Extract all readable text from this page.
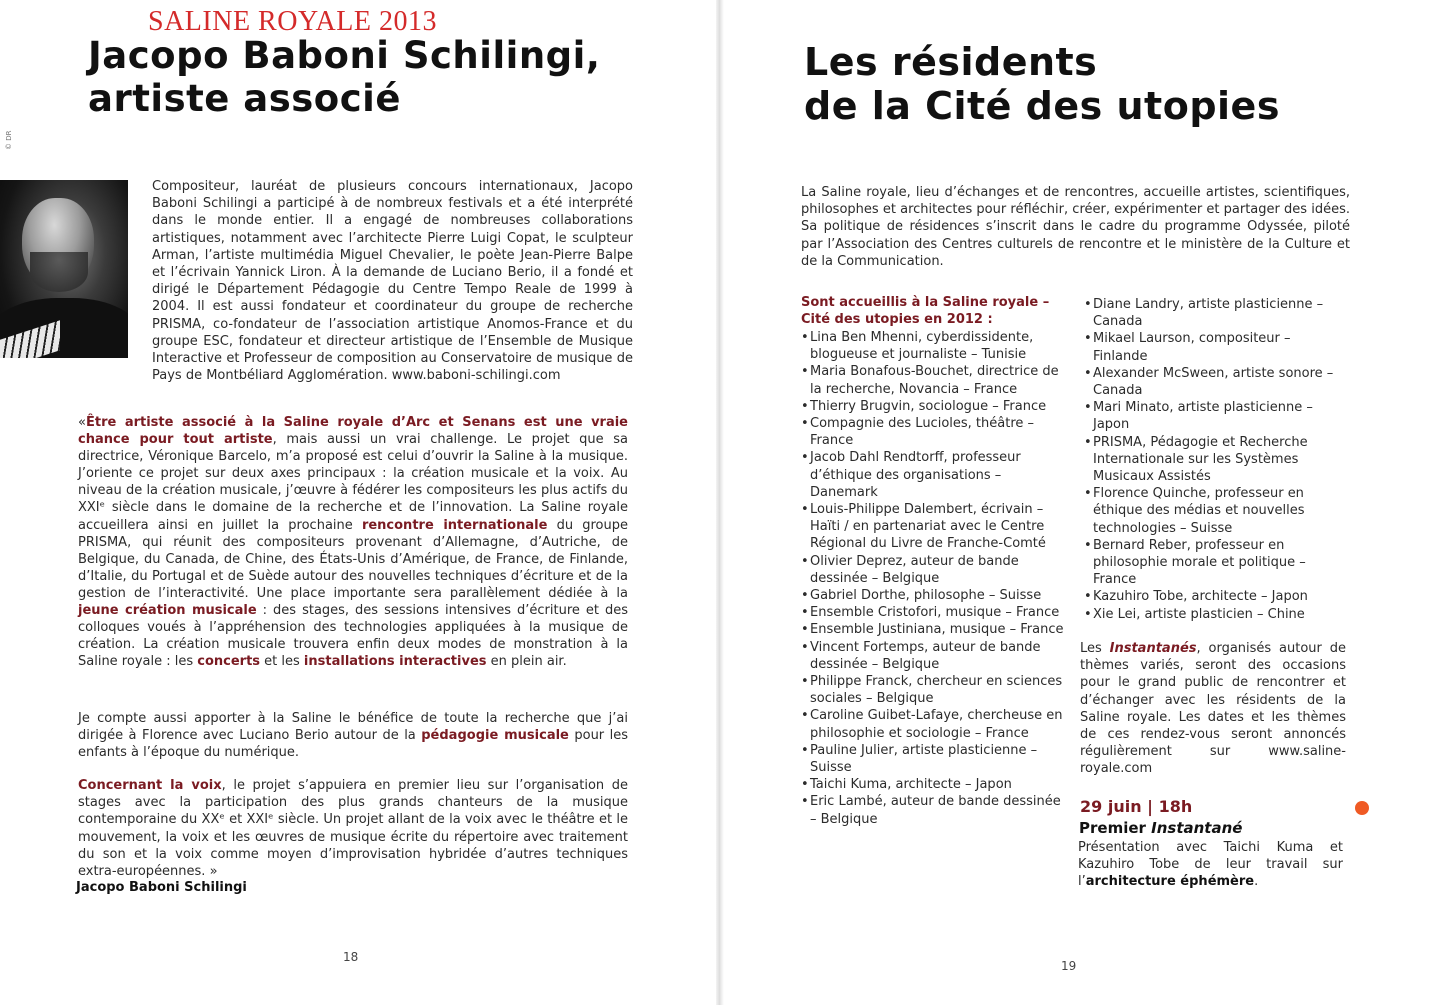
SALINE ROYALE 2013
Jacopo Baboni Schilingi,
artiste associé
© DR

Compositeur, lauréat de plusieurs concours internationaux, Jacopo Baboni Schilingi a participé à de nombreux festivals et a été interprété dans le monde entier. Il a engagé de nombreuses collaborations artistiques, notamment avec l’architecte Pierre Luigi Copat, le sculpteur Arman, l’artiste multimédia Miguel Chevalier, le poète Jean-Pierre Balpe et l’écrivain Yannick Liron. À la demande de Luciano Berio, il a fondé et dirigé le Département Pédagogie du Centre Tempo Reale de 1999 à 2004. Il est aussi fondateur et coordinateur du groupe de recherche PRISMA, co-fondateur de l’association artistique Anomos-France et du groupe ESC, fondateur et directeur artistique de l’Ensemble de Musique Interactive et Professeur de composition au Conservatoire de musique de Pays de Montbéliard Agglomération. www.baboni-schilingi.com

«Être artiste associé à la Saline royale d’Arc et Senans est une vraie chance pour tout artiste, mais aussi un vrai challenge. Le projet que sa directrice, Véronique Barcelo, m’a proposé est celui d’ouvrir la Saline à la musique. J’oriente ce projet sur deux axes principaux : la création musicale et la voix. Au niveau de la création musicale, j’œuvre à fédérer les compositeurs les plus actifs du XXIᵉ siècle dans le domaine de la recherche et de l’innovation. La Saline royale accueillera ainsi en juillet la prochaine rencontre internationale du groupe PRISMA, qui réunit des compositeurs provenant d’Allemagne, d’Autriche, de Belgique, du Canada, de Chine, des États-Unis d’Amérique, de France, de Finlande, d’Italie, du Portugal et de Suède autour des nouvelles techniques d’écriture et de la gestion de l’interactivité. Une place importante sera parallèlement dédiée à la jeune création musicale : des stages, des sessions intensives d’écriture et des colloques voués à l’appréhension des technologies appliquées à la musique de création. La création musicale trouvera enfin deux modes de monstration à la Saline royale : les concerts et les installations interactives en plein air.

Je compte aussi apporter à la Saline le bénéfice de toute la recherche que j’ai dirigée à Florence avec Luciano Berio autour de la pédagogie musicale pour les enfants à l’époque du numérique.

Concernant la voix, le projet s’appuiera en premier lieu sur l’organisation de stages avec la participation des plus grands chanteurs de la musique contemporaine du XXᵉ et XXIᵉ siècle. Un projet allant de la voix avec le théâtre et le mouvement, la voix et les œuvres de musique écrite du répertoire avec traitement du son et la voix comme moyen d’improvisation hybridée d’autres techniques extra-européennes. »

Jacopo Baboni Schilingi
18
Les résidents
de la Cité des utopies

La Saline royale, lieu d’échanges et de rencontres, accueille artistes, scientifiques, philosophes et architectes pour réfléchir, créer, expérimenter et partager des idées. Sa politique de résidences s’inscrit dans le cadre du programme Odyssée, piloté par l’Association des Centres culturels de rencontre et le ministère de la Culture et de la Communication.

Sont accueillis à la Saline royale –
Cité des utopies en 2012 :
• Lina Ben Mhenni, cyberdissidente, blogueuse et journaliste – Tunisie
• Maria Bonafous-Bouchet, directrice de la recherche, Novancia – France
• Thierry Brugvin, sociologue – France
• Compagnie des Lucioles, théâtre – France
• Jacob Dahl Rendtorff, professeur d’éthique des organisations – Danemark
• Louis-Philippe Dalembert, écrivain – Haïti / en partenariat avec le Centre Régional du Livre de Franche-Comté
• Olivier Deprez, auteur de bande dessinée – Belgique
• Gabriel Dorthe, philosophe – Suisse
• Ensemble Cristofori, musique – France
• Ensemble Justiniana, musique – France
• Vincent Fortemps, auteur de bande dessinée – Belgique
• Philippe Franck, chercheur en sciences sociales – Belgique
• Caroline Guibet-Lafaye, chercheuse en philosophie et sociologie – France
• Pauline Julier, artiste plasticienne – Suisse
• Taichi Kuma, architecte – Japon
• Eric Lambé, auteur de bande dessinée – Belgique
• Diane Landry, artiste plasticienne – Canada
• Mikael Laurson, compositeur – Finlande
• Alexander McSween, artiste sonore – Canada
• Mari Minato, artiste plasticienne – Japon
• PRISMA, Pédagogie et Recherche Internationale sur les Systèmes Musicaux Assistés
• Florence Quinche, professeur en éthique des médias et nouvelles technologies – Suisse
• Bernard Reber, professeur en philosophie morale et politique – France
• Kazuhiro Tobe, architecte – Japon
• Xie Lei, artiste plasticien – Chine

Les Instantanés, organisés autour de thèmes variés, seront des occasions pour le grand public de rencontrer et d’échanger avec les résidents de la Saline royale. Les dates et les thèmes de ces rendez-vous seront annoncés régulièrement sur www.saline-royale.com

29 juin | 18h
Premier Instantané

Présentation avec Taichi Kuma et Kazuhiro Tobe de leur travail sur l’architecture éphémère.

19
